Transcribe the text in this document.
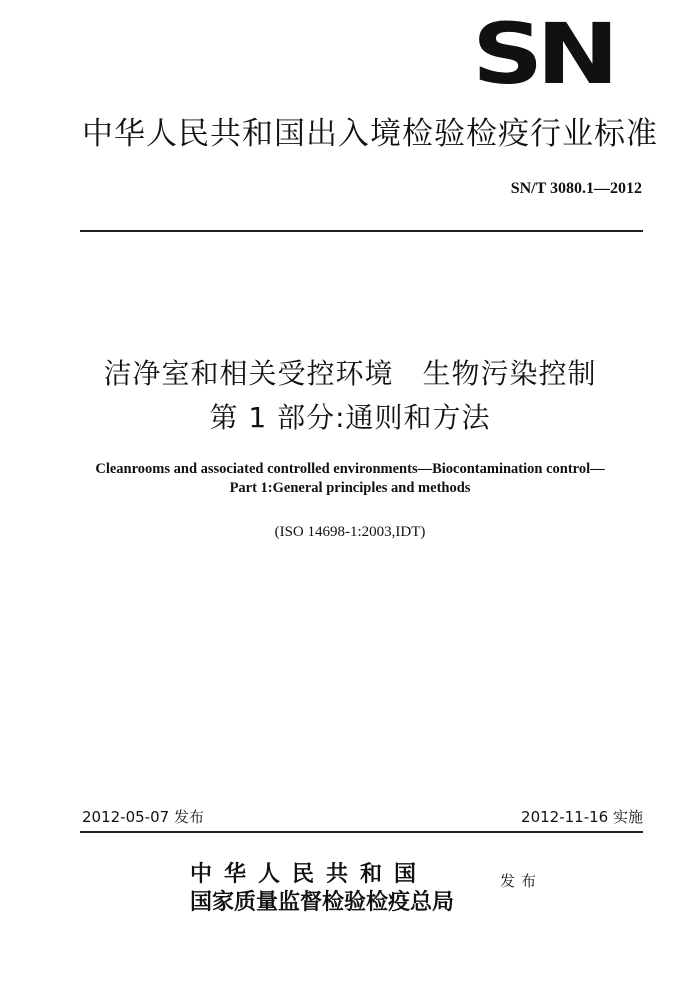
SN
中华人民共和国出入境检验检疫行业标准
SN/T 3080.1—2012
洁净室和相关受控环境　生物污染控制
第 1 部分:通则和方法
Cleanrooms and associated controlled environments—Biocontamination control—
Part 1:General principles and methods
(ISO 14698-1:2003,IDT)
2012-05-07 发布	2012-11-16 实施
中华人民共和国
国家质量监督检验检疫总局
发布
